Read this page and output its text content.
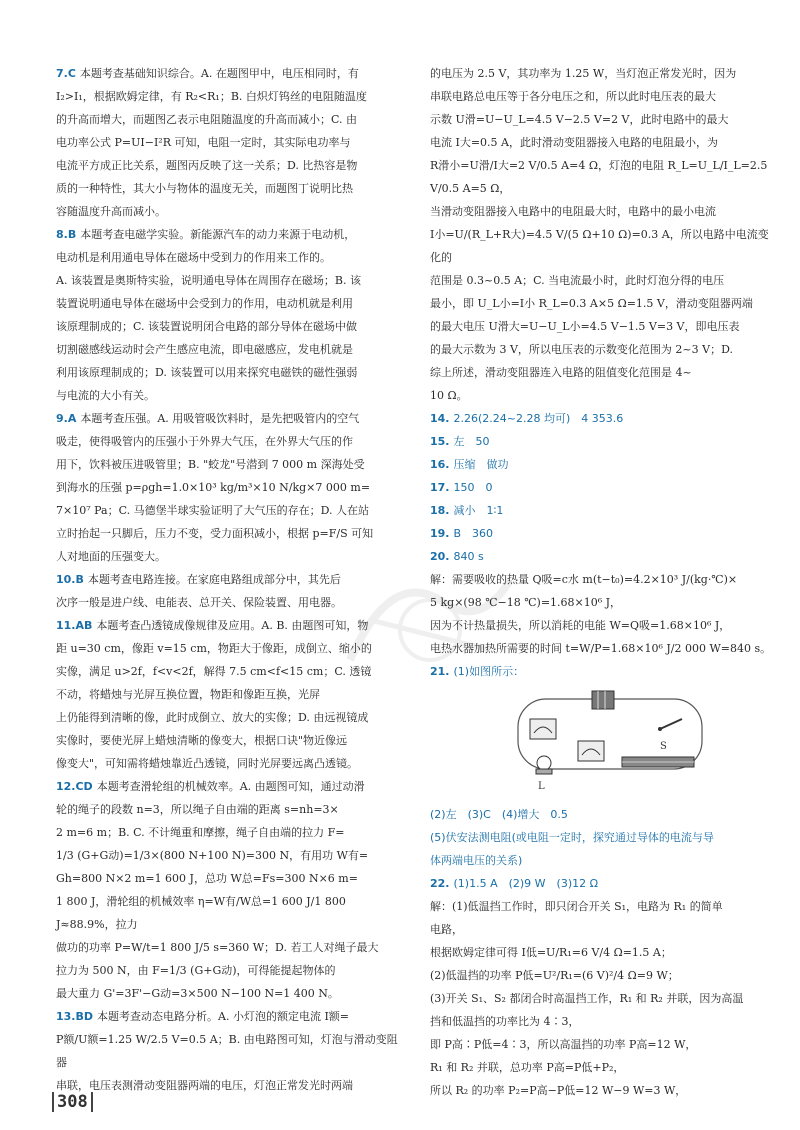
7.C 本题考查基础知识综合。A. 在题图甲中，电压相同时，有

I₂>I₁，根据欧姆定律，有 R₂<R₁；B. 白炽灯钨丝的电阻随温度

的升高而增大，而题图乙表示电阻随温度的升高而减小；C. 由

电功率公式 P=UI−I²R 可知，电阻一定时，其实际电功率与

电流平方成正比关系，题图丙反映了这一关系；D. 比热容是物

质的一种特性，其大小与物体的温度无关，而题图丁说明比热

容随温度升高而减小。

8.B 本题考查电磁学实验。新能源汽车的动力来源于电动机，

电动机是利用通电导体在磁场中受到力的作用来工作的。

A. 该装置是奥斯特实验，说明通电导体在周围存在磁场；B. 该

装置说明通电导体在磁场中会受到力的作用，电动机就是利用

该原理制成的；C. 该装置说明闭合电路的部分导体在磁场中做

切割磁感线运动时会产生感应电流，即电磁感应，发电机就是

利用该原理制成的；D. 该装置可以用来探究电磁铁的磁性强弱

与电流的大小有关。

9.A 本题考查压强。A. 用吸管吸饮料时，是先把吸管内的空气

吸走，使得吸管内的压强小于外界大气压，在外界大气压的作

用下，饮料被压进吸管里；B. "蛟龙"号潜到 7 000 m 深海处受

到海水的压强 p=ρgh=1.0×10³ kg/m³×10 N/kg×7 000 m=

7×10⁷ Pa；C. 马德堡半球实验证明了大气压的存在；D. 人在站

立时抬起一只脚后，压力不变，受力面积减小，根据 p=F/S 可知

人对地面的压强变大。

10.B 本题考查电路连接。在家庭电路组成部分中，其先后

次序一般是进户线、电能表、总开关、保险装置、用电器。

11.AB 本题考查凸透镜成像规律及应用。A. B. 由题图可知，物

距 u=30 cm，像距 v=15 cm，物距大于像距，成倒立、缩小的

实像，满足 u>2f，f<v<2f，解得 7.5 cm<f<15 cm；C. 透镜

不动，将蜡烛与光屏互换位置，物距和像距互换，光屏

上仍能得到清晰的像，此时成倒立、放大的实像；D. 由远视镜成

实像时，要使光屏上蜡烛清晰的像变大，根据口诀"物近像远

像变大"，可知需将蜡烛靠近凸透镜，同时光屏要远离凸透镜。

12.CD 本题考查滑轮组的机械效率。A. 由题图可知，通过动滑

轮的绳子的段数 n=3，所以绳子自由端的距离 s=nh=3×

2 m=6 m；B. C. 不计绳重和摩擦，绳子自由端的拉力 F=

1/3 (G+G动)=1/3×(800 N+100 N)=300 N，有用功 W有=

Gh=800 N×2 m=1 600 J，总功 W总=Fs=300 N×6 m=

1 800 J，滑轮组的机械效率 η=W有/W总=1 600 J/1 800 J≈88.9%，拉力

做功的功率 P=W/t=1 800 J/5 s=360 W；D. 若工人对绳子最大

拉力为 500 N，由 F=1/3 (G+G动)，可得能提起物体的

最大重力 G'=3F'−G动=3×500 N−100 N=1 400 N。

13.BD 本题考查动态电路分析。A. 小灯泡的额定电流 I额=

P额/U额=1.25 W/2.5 V=0.5 A；B. 由电路图可知，灯泡与滑动变阻器

串联，电压表测滑动变阻器两端的电压，灯泡正常发光时两端

的电压为 2.5 V，其功率为 1.25 W，当灯泡正常发光时，因为

串联电路总电压等于各分电压之和，所以此时电压表的最大

示数 U滑=U−U_L=4.5 V−2.5 V=2 V，此时电路中的最大

电流 I大=0.5 A，此时滑动变阻器接入电路的电阻最小，为

R滑小=U滑/I大=2 V/0.5 A=4 Ω，灯泡的电阻 R_L=U_L/I_L=2.5 V/0.5 A=5 Ω，

当滑动变阻器接入电路中的电阻最大时，电路中的最小电流

I小=U/(R_L+R大)=4.5 V/(5 Ω+10 Ω)=0.3 A，所以电路中电流变化的

范围是 0.3~0.5 A；C. 当电流最小时，此时灯泡分得的电压

最小，即 U_L小=I小 R_L=0.3 A×5 Ω=1.5 V，滑动变阻器两端

的最大电压 U滑大=U−U_L小=4.5 V−1.5 V=3 V，即电压表

的最大示数为 3 V，所以电压表的示数变化范围为 2~3 V；D.

综上所述，滑动变阻器连入电路的阻值变化范围是 4~

10 Ω。

14. 2.26(2.24~2.28 均可)　4 353.6

15. 左　50

16. 压缩　做功

17. 150　0

18. 减小　1∶1

19. B　360

20. 840 s

解：需要吸收的热量 Q吸=c水 m(t−t₀)=4.2×10³ J/(kg·℃)×

5 kg×(98 ℃−18 ℃)=1.68×10⁶ J，

因为不计热量损失，所以消耗的电能 W=Q吸=1.68×10⁶ J，

电热水器加热所需要的时间 t=W/P=1.68×10⁶ J/2 000 W=840 s。

21. (1)如图所示：

L
S

(2)左　(3)C　(4)增大　0.5

(5)伏安法测电阻(或电阻一定时，探究通过导体的电流与导

体两端电压的关系)

22. (1)1.5 A　(2)9 W　(3)12 Ω

解：(1)低温挡工作时，即只闭合开关 S₁，电路为 R₁ 的简单

电路，

根据欧姆定律可得 I低=U/R₁=6 V/4 Ω=1.5 A；

(2)低温挡的功率 P低=U²/R₁=(6 V)²/4 Ω=9 W；

(3)开关 S₁、S₂ 都闭合时高温挡工作，R₁ 和 R₂ 并联，因为高温

挡和低温挡的功率比为 4∶3，

即 P高∶P低=4∶3，所以高温挡的功率 P高=12 W，

R₁ 和 R₂ 并联，总功率 P高=P低+P₂，

所以 R₂ 的功率 P₂=P高−P低=12 W−9 W=3 W，

308
